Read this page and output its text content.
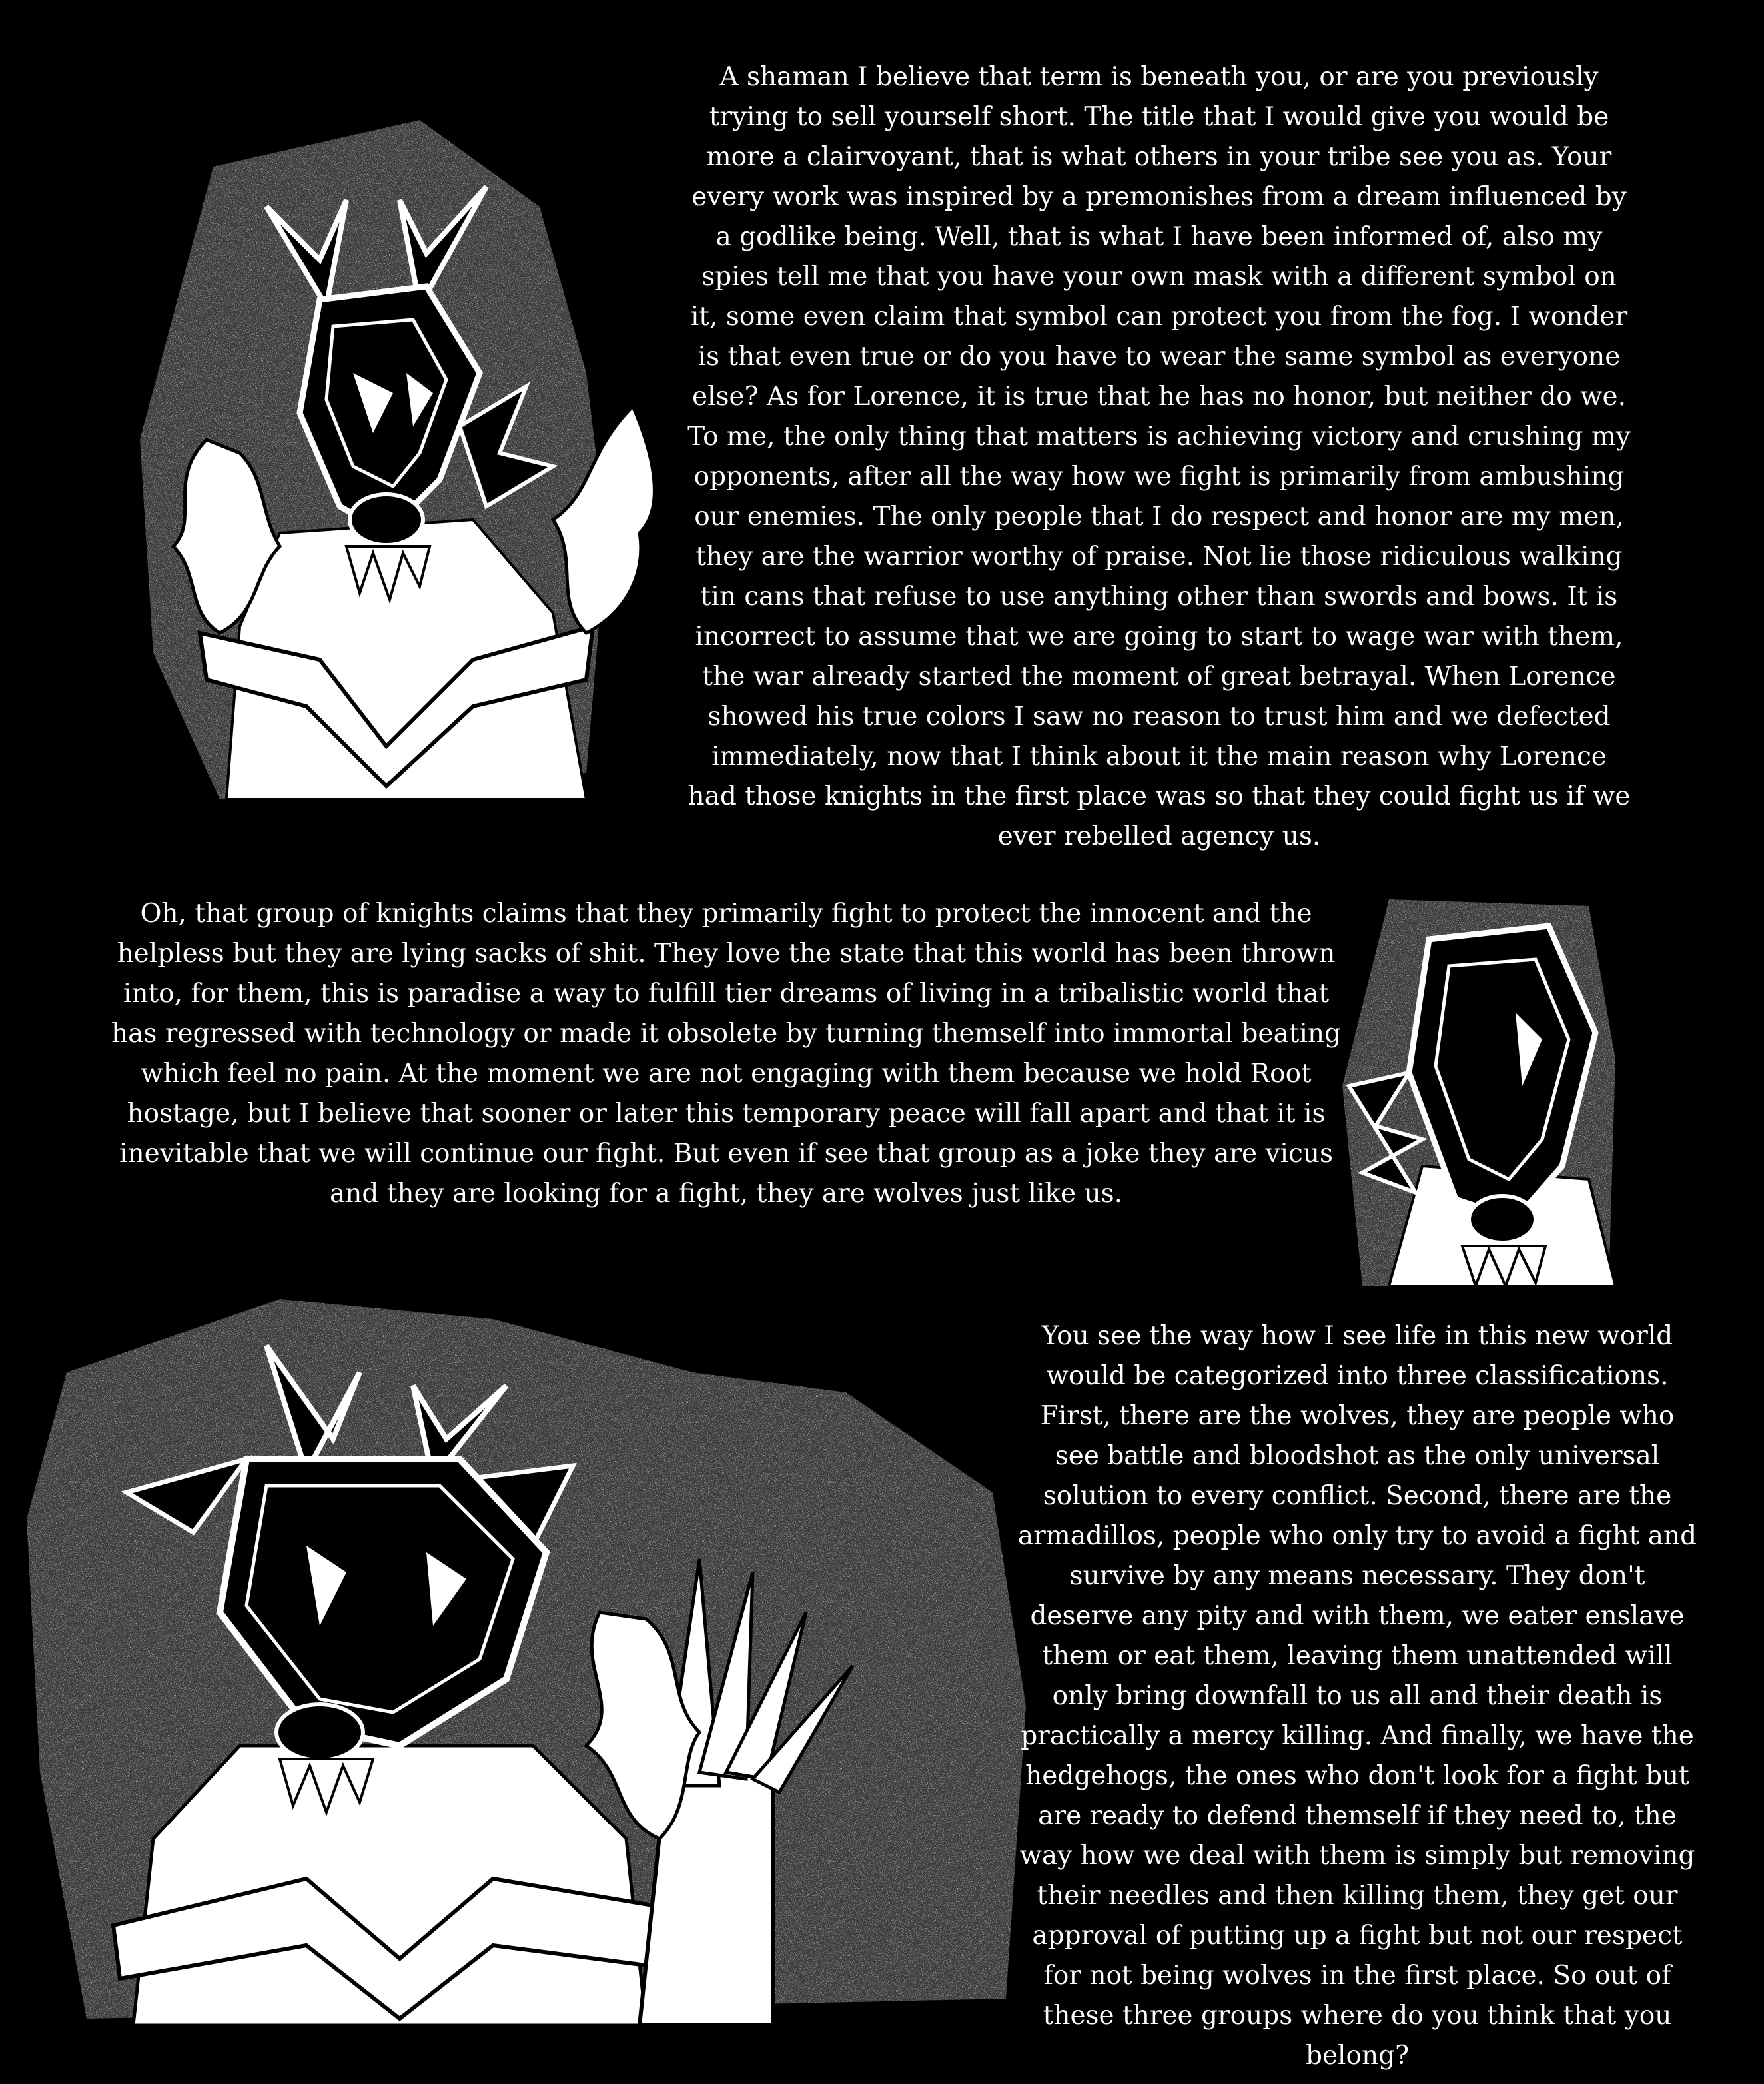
A shaman I believe that term is beneath you, or are you previously trying to sell yourself short. The title that I would give you would be more a clairvoyant, that is what others in your tribe see you as. Your every work was inspired by a premonishes from a dream influenced by a godlike being. Well, that is what I have been informed of, also my spies tell me that you have your own mask with a different symbol on it, some even claim that symbol can protect you from the fog. I wonder is that even true or do you have to wear the same symbol as everyone else? As for Lorence, it is true that he has no honor, but neither do we. To me, the only thing that matters is achieving victory and crushing my opponents, after all the way how we fight is primarily from ambushing our enemies. The only people that I do respect and honor are my men, they are the warrior worthy of praise. Not lie those ridiculous walking tin cans that refuse to use anything other than swords and bows. It is incorrect to assume that we are going to start to wage war with them, the war already started the moment of great betrayal. When Lorence showed his true colors I saw no reason to trust him and we defected immediately, now that I think about it the main reason why Lorence had those knights in the first place was so that they could fight us if we ever rebelled agency us.

Oh, that group of knights claims that they primarily fight to protect the innocent and the helpless but they are lying sacks of shit. They love the state that this world has been thrown into, for them, this is paradise a way to fulfill tier dreams of living in a tribalistic world that has regressed with technology or made it obsolete by turning themself into immortal beating which feel no pain. At the moment we are not engaging with them because we hold Root hostage, but I believe that sooner or later this temporary peace will fall apart and that it is inevitable that we will continue our fight. But even if see that group as a joke they are vicus and they are looking for a fight, they are wolves just like us.

You see the way how I see life in this new world would be categorized into three classifications. First, there are the wolves, they are people who see battle and bloodshot as the only universal solution to every conflict. Second, there are the armadillos, people who only try to avoid a fight and survive by any means necessary. They don't deserve any pity and with them, we eater enslave them or eat them, leaving them unattended will only bring downfall to us all and their death is practically a mercy killing. And finally, we have the hedgehogs, the ones who don't look for a fight but are ready to defend themself if they need to, the way how we deal with them is simply but removing their needles and then killing them, they get our approval of putting up a fight but not our respect for not being wolves in the first place. So out of these three groups where do you think that you belong?
